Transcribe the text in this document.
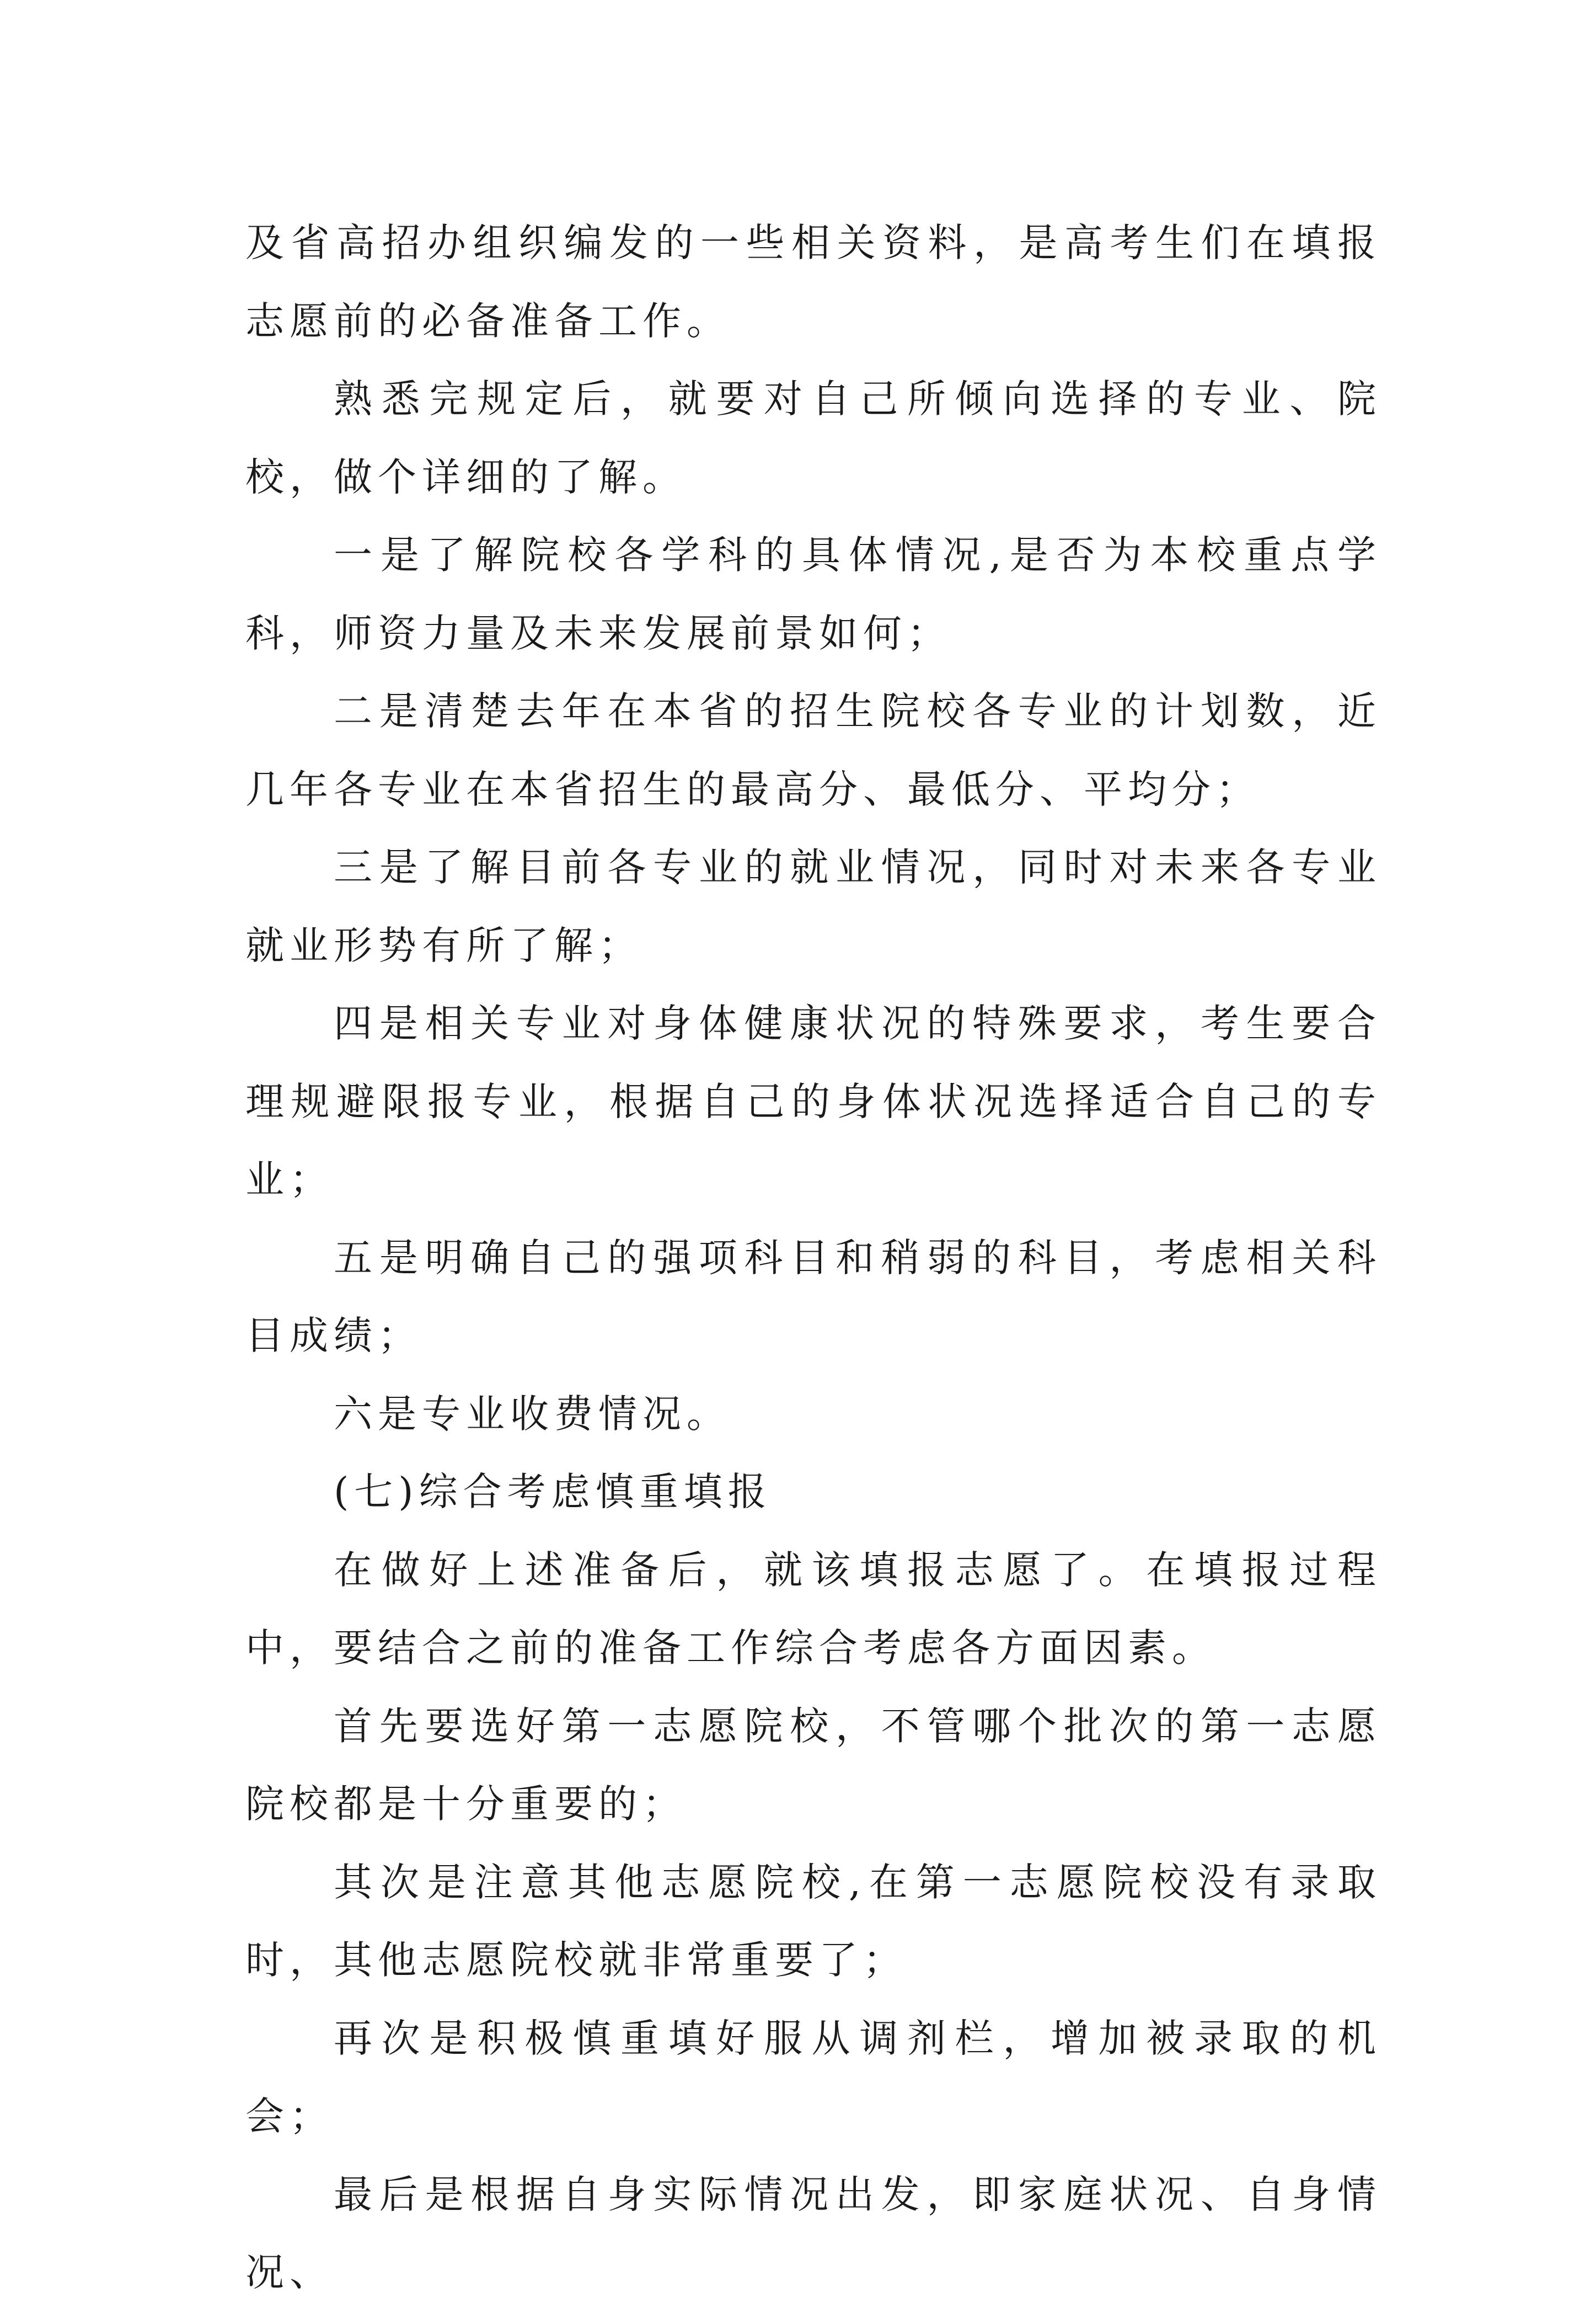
及省高招办组织编发的一些相关资料，是高考生们在填报志愿前的必备准备工作。

熟悉完规定后，就要对自己所倾向选择的专业、院校，做个详细的了解。

一是了解院校各学科的具体情况,是否为本校重点学科，师资力量及未来发展前景如何；

二是清楚去年在本省的招生院校各专业的计划数，近几年各专业在本省招生的最高分、最低分、平均分；

三是了解目前各专业的就业情况，同时对未来各专业就业形势有所了解；

四是相关专业对身体健康状况的特殊要求，考生要合理规避限报专业，根据自己的身体状况选择适合自己的专业；

五是明确自己的强项科目和稍弱的科目，考虑相关科目成绩；

六是专业收费情况。

(七)综合考虑慎重填报

在做好上述准备后，就该填报志愿了。在填报过程中，要结合之前的准备工作综合考虑各方面因素。

首先要选好第一志愿院校，不管哪个批次的第一志愿院校都是十分重要的；

其次是注意其他志愿院校,在第一志愿院校没有录取时，其他志愿院校就非常重要了；

再次是积极慎重填好服从调剂栏，增加被录取的机会；

最后是根据自身实际情况出发，即家庭状况、自身情况、
